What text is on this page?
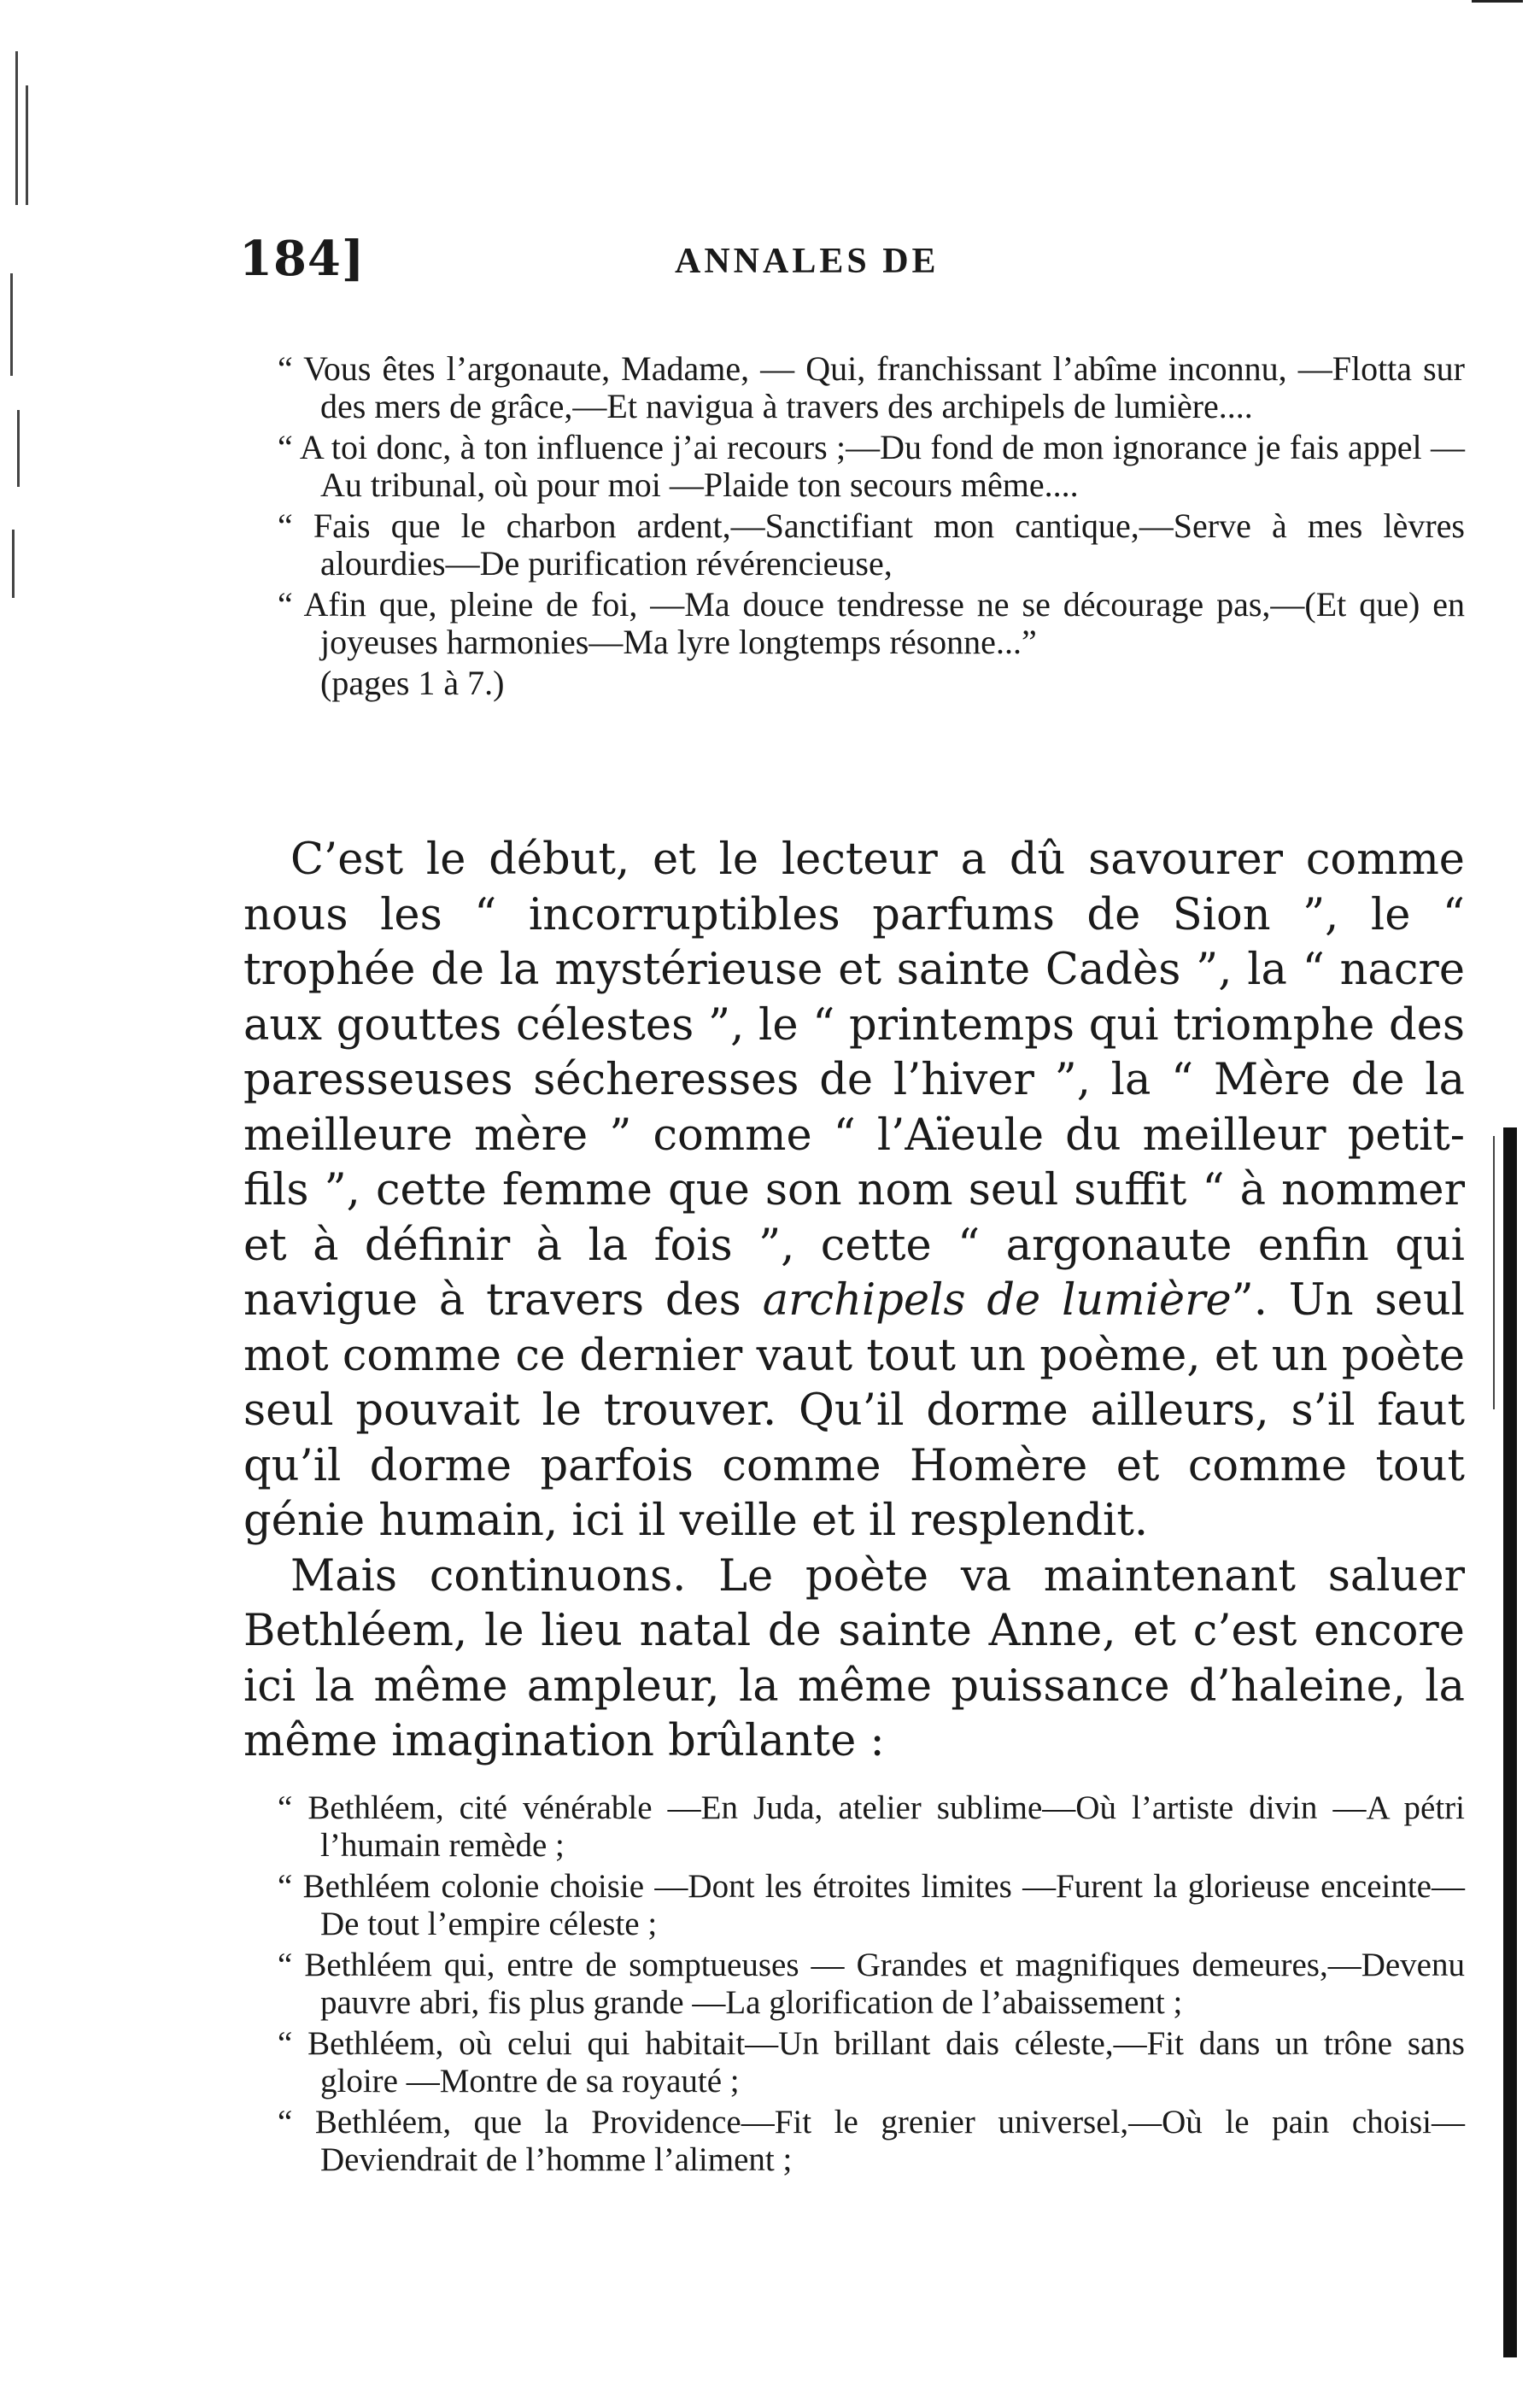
184]	ANNALES DE

“ Vous êtes l’argonaute, Madame, — Qui, franchissant l’abîme inconnu, —Flotta sur des mers de grâce,—Et navigua à travers des archipels de lumière....

“ A toi donc, à ton influence j’ai recours ;—Du fond de mon ignorance je fais appel —Au tribunal, où pour moi —Plaide ton secours même....

“ Fais que le charbon ardent,—Sanctifiant mon cantique,—Serve à mes lèvres alourdies—De purification révérencieuse,

“ Afin que, pleine de foi, —Ma douce tendresse ne se décourage pas,—(Et que) en joyeuses harmonies—Ma lyre longtemps résonne...”

(pages 1 à 7.)

C’est le début, et le lecteur a dû savourer comme nous les “ incorruptibles parfums de Sion ”, le “ trophée de la mystérieuse et sainte Cadès ”, la “ nacre aux gouttes célestes ”, le “ printemps qui triomphe des paresseuses sécheresses de l’hiver ”, la “ Mère de la meilleure mère ” comme “ l’Aïeule du meilleur petit-fils ”, cette femme que son nom seul suffit “ à nommer et à définir à la fois ”, cette “ argonaute enfin qui navigue à travers des archipels de lumière”. Un seul mot comme ce dernier vaut tout un poème, et un poète seul pouvait le trouver. Qu’il dorme ailleurs, s’il faut qu’il dorme parfois comme Homère et comme tout génie humain, ici il veille et il resplendit.

Mais continuons. Le poète va maintenant saluer Bethléem, le lieu natal de sainte Anne, et c’est encore ici la même ampleur, la même puissance d’haleine, la même imagination brûlante :

“ Bethléem, cité vénérable —En Juda, atelier sublime—Où l’artiste divin —A pétri l’humain remède ;

“ Bethléem colonie choisie —Dont les étroites limites —Furent la glorieuse enceinte—De tout l’empire céleste ;

“ Bethléem qui, entre de somptueuses — Grandes et magnifiques demeures,—Devenu pauvre abri, fis plus grande —La glorification de l’abaissement ;

“ Bethléem, où celui qui habitait—Un brillant dais céleste,—Fit dans un trône sans gloire —Montre de sa royauté ;

“ Bethléem, que la Providence—Fit le grenier universel,—Où le pain choisi—Deviendrait de l’homme l’aliment ;
